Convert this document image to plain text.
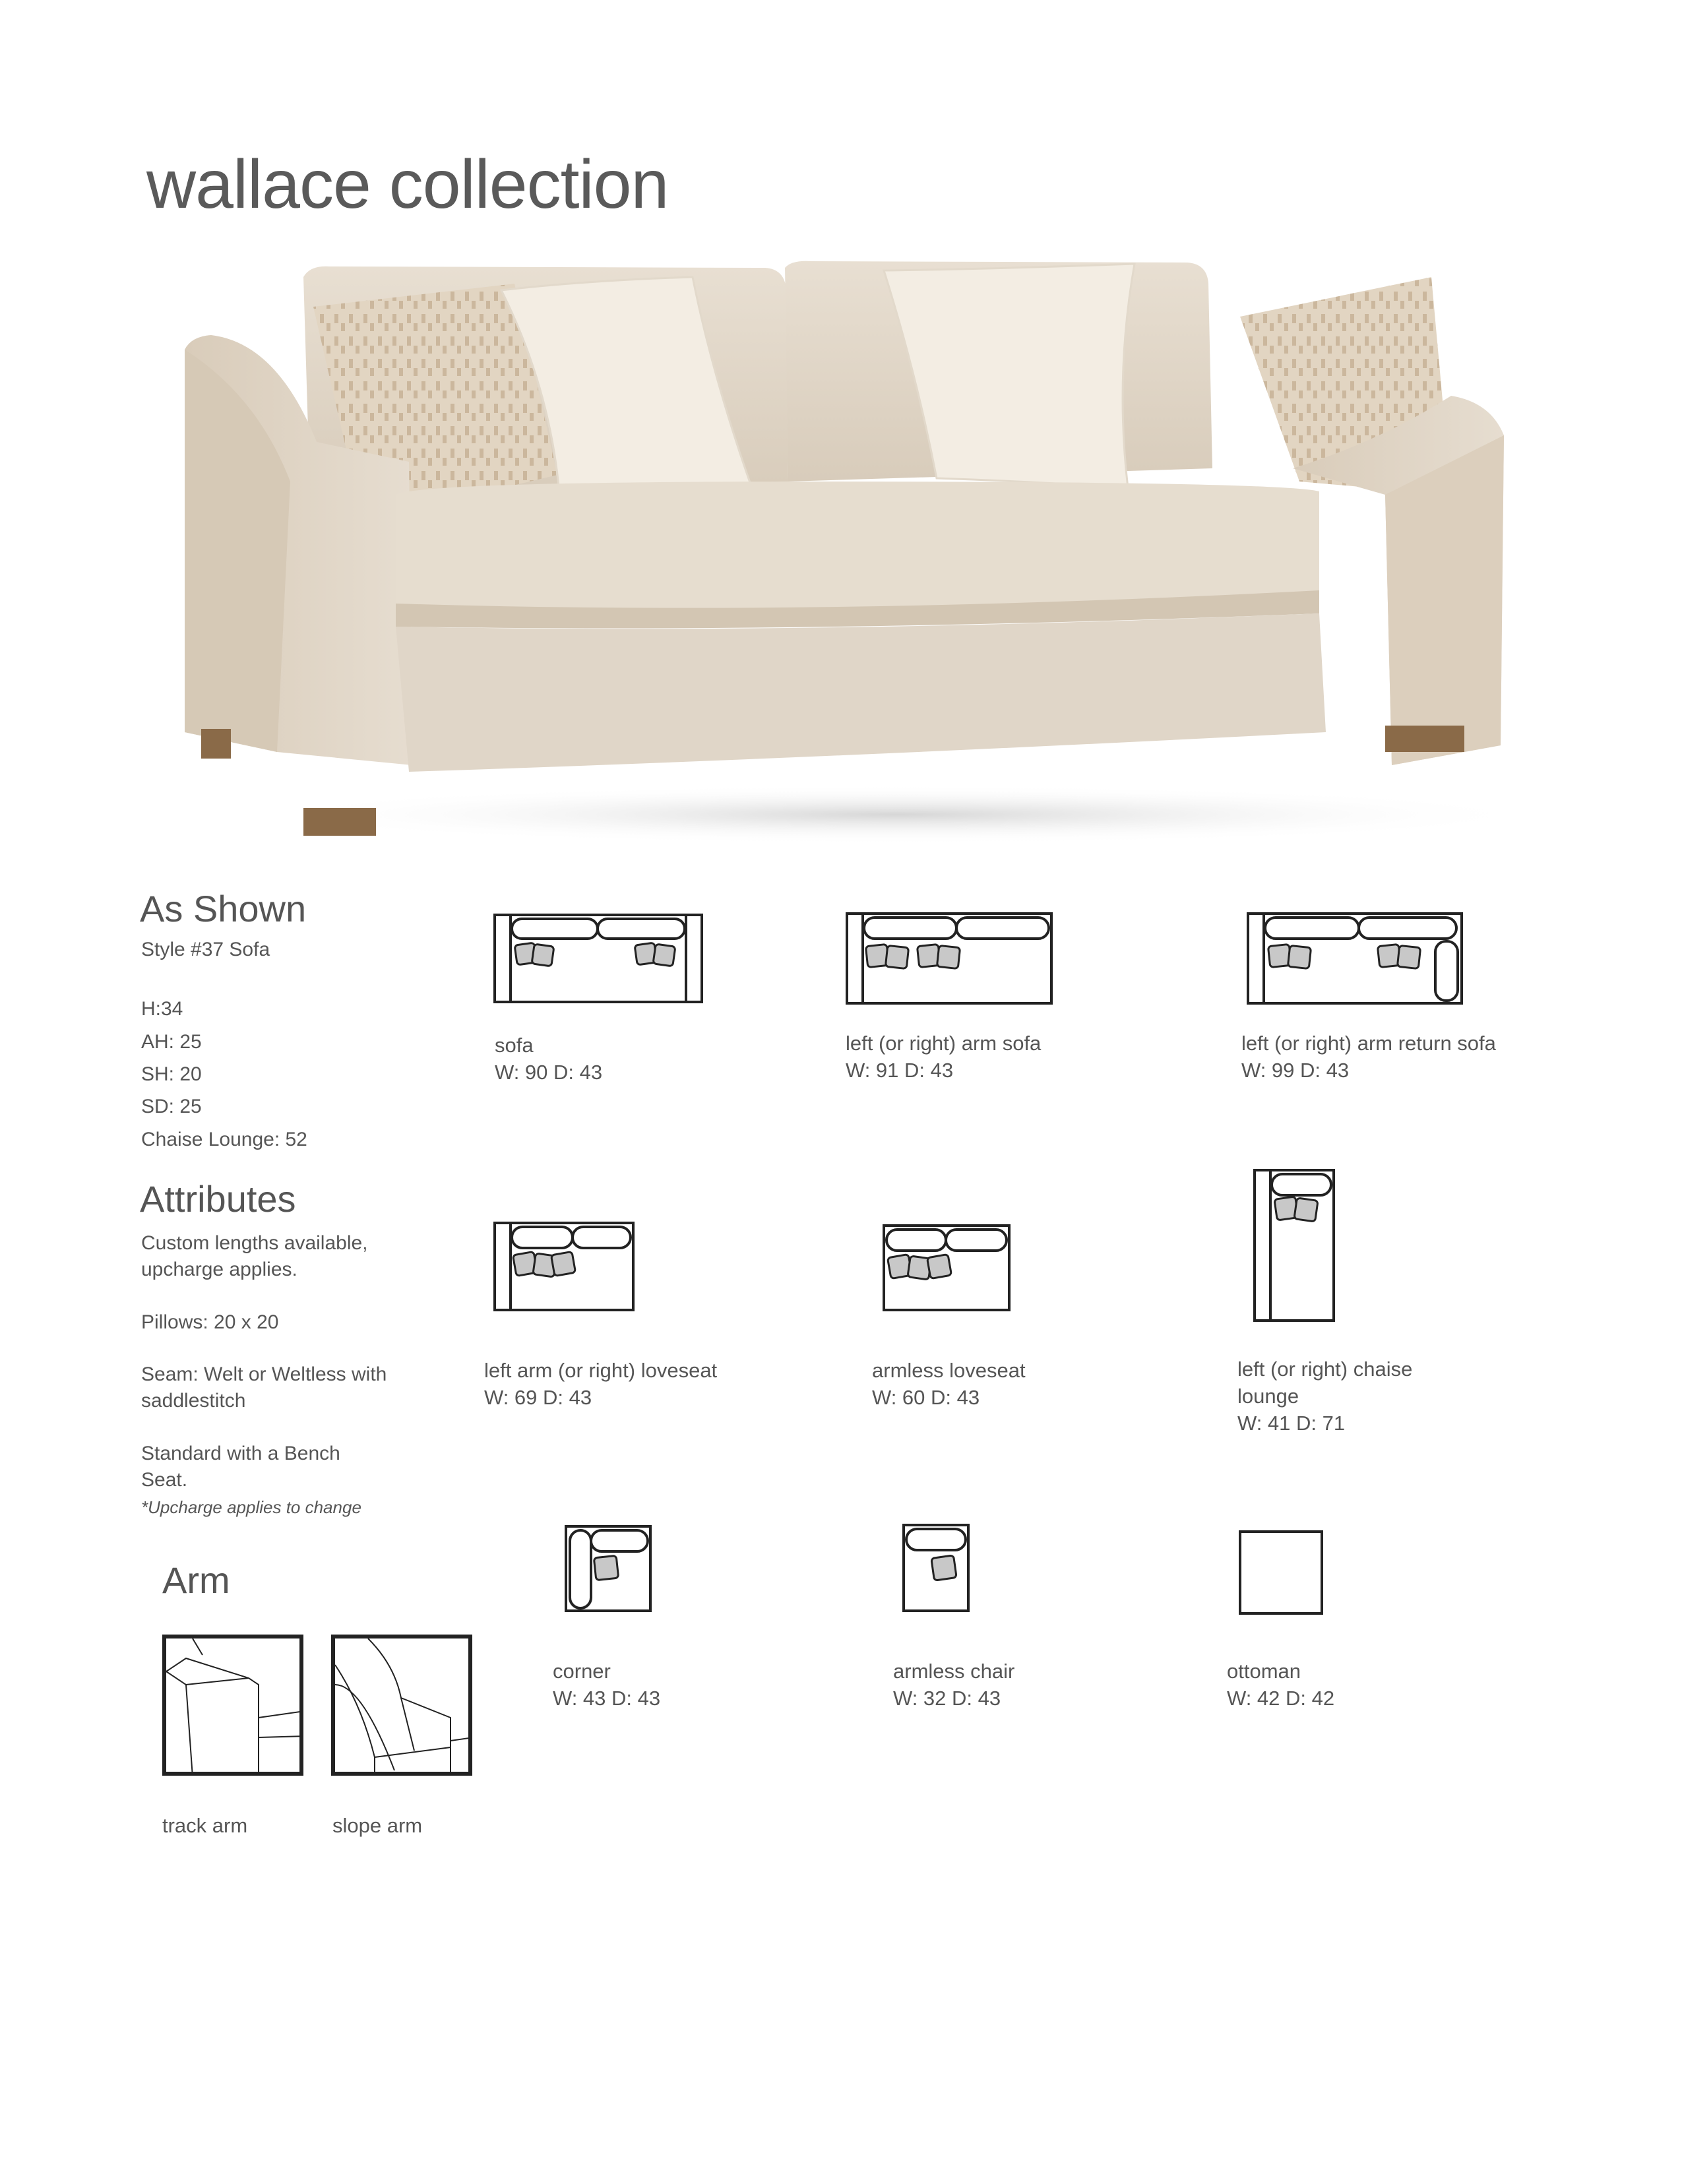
wallace collection
As Shown
Style #37 Sofa
H:34
AH: 25
SH: 20
SD: 25
Chaise Lounge: 52
Attributes
Custom lengths available,
upcharge applies.
Pillows: 20 x 20
Seam: Welt or Weltless with
saddlestitch
Standard with a Bench
Seat.
*Upcharge applies to change
Arm
track arm	slope arm
sofa
W: 90 D: 43
left (or right) arm sofa
W: 91 D: 43
left (or right) arm return sofa
W: 99 D: 43
left arm (or right) loveseat
W: 69 D: 43
armless loveseat
W: 60 D: 43
left (or right) chaise
lounge
W: 41 D: 71
corner
W: 43 D: 43
armless chair
W: 32 D: 43
ottoman
W: 42 D: 42
